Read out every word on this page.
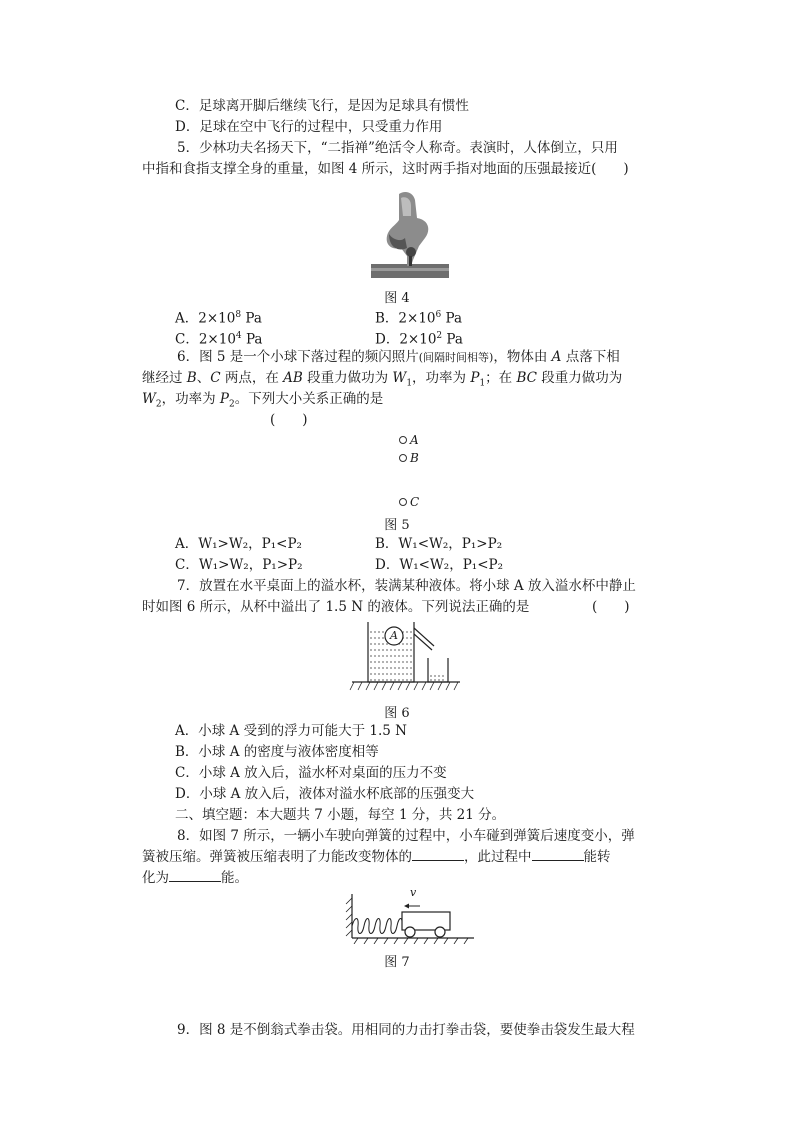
C．足球离开脚后继续飞行，是因为足球具有惯性
D．足球在空中飞行的过程中，只受重力作用
5．少林功夫名扬天下，“二指禅”绝活令人称奇。表演时，人体倒立，只用
中指和食指支撑全身的重量，如图 4 所示，这时两手指对地面的压强最接近(　　)
图 4
A．$2\times 10^8$ Pa	B．$2\times 10^6$ Pa
C．$2\times 10^4$ Pa	D．$2\times 10^2$ Pa
6．图 5 是一个小球下落过程的频闪照片(间隔时间相等)，物体由 A 点落下相
继经过 B、C 两点，在 AB 段重力做功为 $W_1$，功率为 $P_1$；在 BC 段重力做功为
$W_2$，功率为 $P_2$。下列大小关系正确的是
(　　)
A
B
C
图 5
A．W₁>W₂，P₁<P₂	B．W₁<W₂，P₁>P₂
C．W₁>W₂，P₁>P₂	D．W₁<W₂，P₁<P₂
7．放置在水平桌面上的溢水杯，装满某种液体。将小球 A 放入溢水杯中静止
时如图 6 所示，从杯中溢出了 1.5 N 的液体。下列说法正确的是	(　　)
A
图 6
A．小球 A 受到的浮力可能大于 1.5 N
B．小球 A 的密度与液体密度相等
C．小球 A 放入后，溢水杯对桌面的压力不变
D．小球 A 放入后，液体对溢水杯底部的压强变大
二、填空题：本大题共 7 小题，每空 1 分，共 21 分。
8．如图 7 所示，一辆小车驶向弹簧的过程中，小车碰到弹簧后速度变小，弹
簧被压缩。弹簧被压缩表明了力能改变物体的	，此过程中	能转
化为	能。
v
图 7
9．图 8 是不倒翁式拳击袋。用相同的力击打拳击袋，要使拳击袋发生最大程
